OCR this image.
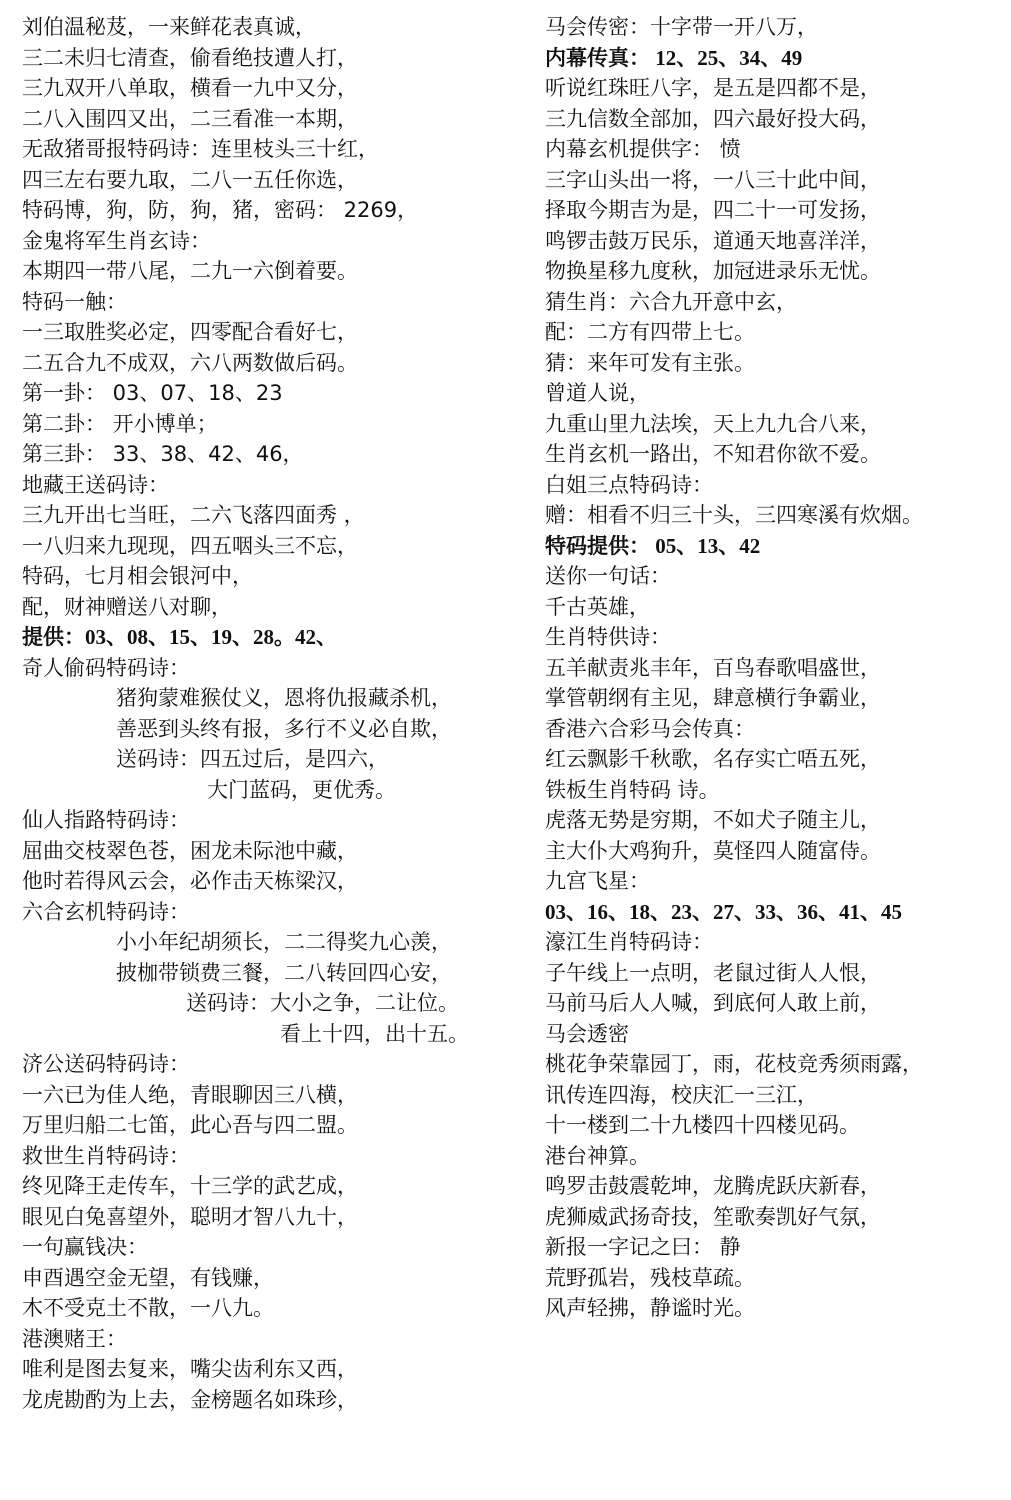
刘伯温秘芨，一来鲜花表真诚，
三二未归七清查，偷看绝技遭人打，
三九双开八单取，横看一九中又分，
二八入围四又出，二三看准一本期，
无敌猪哥报特码诗：连里枝头三十红，
四三左右要九取，二八一五任你选，
特码博，狗，防，狗，猪，密码： 2269，
金鬼将军生肖玄诗：
本期四一带八尾，二九一六倒着要。
特码一触：
一三取胜奖必定，四零配合看好七，
二五合九不成双，六八两数做后码。
第一卦： 03、07、18、23
第二卦： 开小博单；
第三卦： 33、38、42、46，
地藏王送码诗：
三九开出七当旺，二六飞落四面秀 ，
一八归来九现现，四五咽头三不忘，
特码，七月相会银河中，
配，财神赠送八对聊，
提供：03、08、15、19、28。42、
奇人偷码特码诗：
猪狗蒙难猴仗义，恩将仇报藏杀机，
善恶到头终有报，多行不义必自欺，
送码诗：四五过后，是四六，
大门蓝码，更优秀。
仙人指路特码诗：
屈曲交枝翠色苍，困龙未际池中藏，
他时若得风云会，必作击天栋梁汉，
六合玄机特码诗：
小小年纪胡须长，二二得奖九心羡，
披枷带锁费三餐，二八转回四心安，
送码诗：大小之争，二让位。
看上十四，出十五。
济公送码特码诗：
一六已为佳人绝，青眼聊因三八横，
万里归船二七笛，此心吾与四二盟。
救世生肖特码诗：
终见降王走传车，十三学的武艺成，
眼见白兔喜望外，聪明才智八九十，
一句赢钱决：
申酉遇空金无望，有钱赚，
木不受克土不散，一八九。
港澳赌王：
唯利是图去复来，嘴尖齿利东又西，
龙虎勘酌为上去，金榜题名如珠珍，
马会传密：十字带一开八万，
内幕传真： 12、25、34、49
听说红珠旺八字，是五是四都不是，
三九信数全部加，四六最好投大码，
内幕玄机提供字： 愤
三字山头出一将，一八三十此中间，
择取今期吉为是，四二十一可发扬，
鸣锣击鼓万民乐，道通天地喜洋洋，
物换星移九度秋，加冠进录乐无忧。
猜生肖：六合九开意中玄，
配：二方有四带上七。
猜：来年可发有主张。
曾道人说，
九重山里九法埃，天上九九合八来，
生肖玄机一路出，不知君你欲不爱。
白姐三点特码诗：
赠：相看不归三十头，三四寒溪有炊烟。
特码提供： 05、13、42
送你一句话：
千古英雄，
生肖特供诗：
五羊献责兆丰年，百鸟春歌唱盛世，
掌管朝纲有主见，肆意横行争霸业，
香港六合彩马会传真：
红云飘影千秋歌，名存实亡唔五死，
铁板生肖特码 诗。
虎落无势是穷期，不如犬子随主儿，
主大仆大鸡狗升，莫怪四人随富侍。
九宫飞星：
03、16、18、23、27、33、36、41、45
濠江生肖特码诗：
子午线上一点明，老鼠过街人人恨，
马前马后人人喊，到底何人敢上前，
马会透密
桃花争荣靠园丁，雨，花枝竞秀须雨露，
讯传连四海，校庆汇一三江，
十一楼到二十九楼四十四楼见码。
港台神算。
鸣罗击鼓震乾坤，龙腾虎跃庆新春，
虎狮威武扬奇技，笙歌奏凯好气氛，
新报一字记之曰： 静
荒野孤岩，残枝草疏。
风声轻拂，静谧时光。
